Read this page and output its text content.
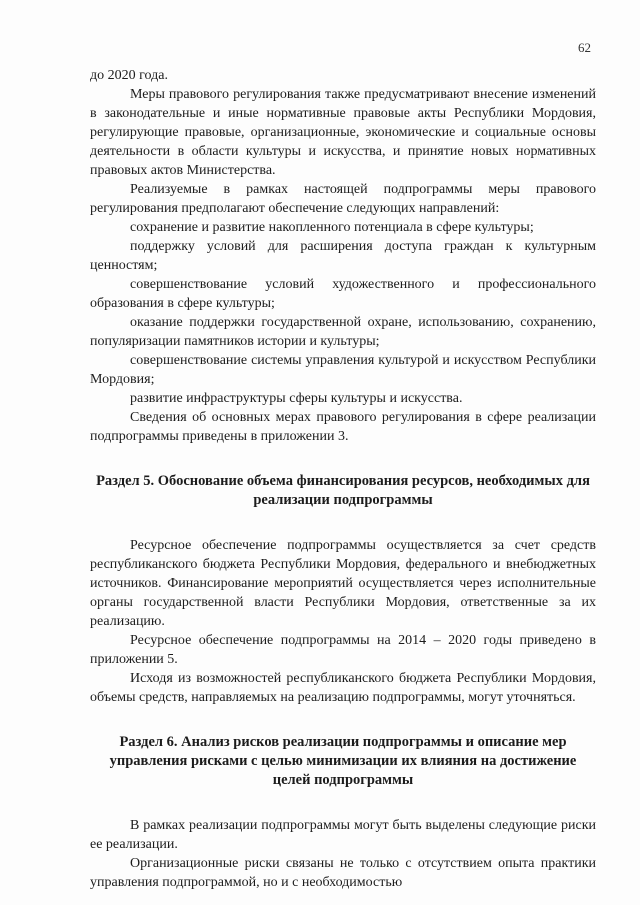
62

до 2020 года.

Меры правового регулирования также предусматривают внесение изменений в законодательные и иные нормативные правовые акты Республики Мордовия, регулирующие правовые, организационные, экономические и социальные основы деятельности в области культуры и искусства, и принятие новых нормативных правовых актов Министерства.

Реализуемые в рамках настоящей подпрограммы меры правового регулирования предполагают обеспечение следующих направлений:

сохранение и развитие накопленного потенциала в сфере культуры;

поддержку условий для расширения доступа граждан к культурным ценностям;

совершенствование условий художественного и профессионального образования в сфере культуры;

оказание поддержки государственной охране, использованию, сохранению, популяризации памятников истории и культуры;

совершенствование системы управления культурой и искусством Республики Мордовия;

развитие инфраструктуры сферы культуры и искусства.

Сведения об основных мерах правового регулирования в сфере реализации подпрограммы приведены в приложении 3.

Раздел 5. Обоснование объема финансирования ресурсов, необходимых для реализации подпрограммы

Ресурсное обеспечение подпрограммы осуществляется за счет средств республиканского бюджета Республики Мордовия, федерального и внебюджетных источников. Финансирование мероприятий осуществляется через исполнительные органы государственной власти Республики Мордовия, ответственные за их реализацию.

Ресурсное обеспечение подпрограммы на 2014 – 2020 годы приведено в приложении 5.

Исходя из возможностей республиканского бюджета Республики Мордовия, объемы средств, направляемых на реализацию подпрограммы, могут уточняться.

Раздел 6. Анализ рисков реализации подпрограммы и описание мер управления рисками с целью минимизации их влияния на достижение целей подпрограммы

В рамках реализации подпрограммы могут быть выделены следующие риски ее реализации.

Организационные риски связаны не только с отсутствием опыта практики управления подпрограммой, но и с необходимостью
